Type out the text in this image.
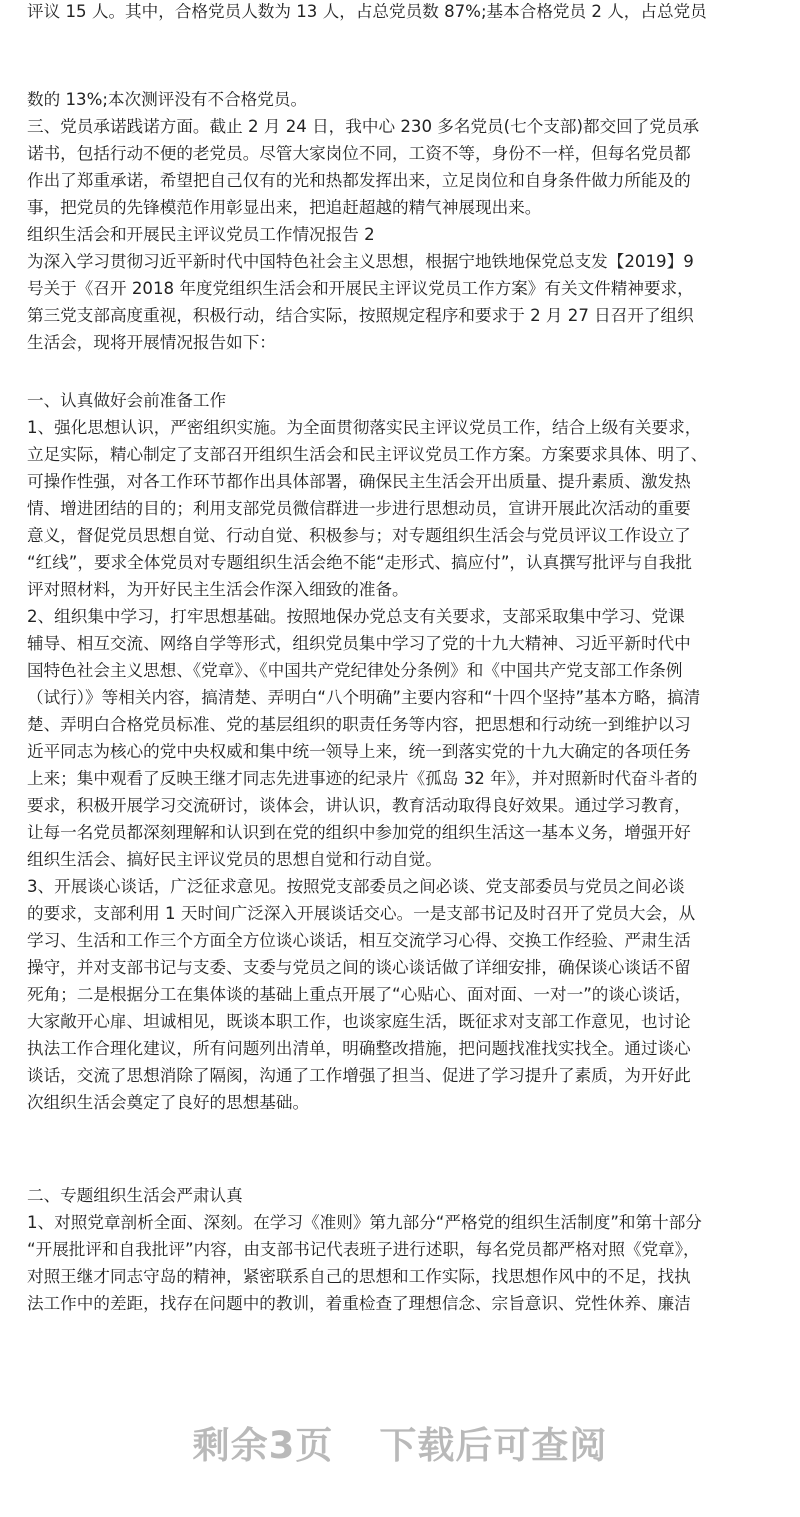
评议 15 人。其中，合格党员人数为 13 人，占总党员数 87%;基本合格党员 2 人，占总党员
数的 13%;本次测评没有不合格党员。
三、党员承诺践诺方面。截止 2 月 24 日，我中心 230 多名党员(七个支部)都交回了党员承
诺书，包括行动不便的老党员。尽管大家岗位不同，工资不等，身份不一样，但每名党员都
作出了郑重承诺，希望把自己仅有的光和热都发挥出来，立足岗位和自身条件做力所能及的
事，把党员的先锋模范作用彰显出来，把追赶超越的精气神展现出来。
组织生活会和开展民主评议党员工作情况报告 2
为深入学习贯彻习近平新时代中国特色社会主义思想，根据宁地铁地保党总支发【2019】9
号关于《召开 2018 年度党组织生活会和开展民主评议党员工作方案》有关文件精神要求，
第三党支部高度重视，积极行动，结合实际，按照规定程序和要求于 2 月 27 日召开了组织
生活会，现将开展情况报告如下：
一、认真做好会前准备工作
1、强化思想认识，严密组织实施。为全面贯彻落实民主评议党员工作，结合上级有关要求，
立足实际，精心制定了支部召开组织生活会和民主评议党员工作方案。方案要求具体、明了、
可操作性强，对各工作环节都作出具体部署，确保民主生活会开出质量、提升素质、激发热
情、增进团结的目的；利用支部党员微信群进一步进行思想动员，宣讲开展此次活动的重要
意义，督促党员思想自觉、行动自觉、积极参与；对专题组织生活会与党员评议工作设立了
“红线”，要求全体党员对专题组织生活会绝不能“走形式、搞应付”，认真撰写批评与自我批
评对照材料，为开好民主生活会作深入细致的准备。
2、组织集中学习，打牢思想基础。按照地保办党总支有关要求，支部采取集中学习、党课
辅导、相互交流、网络自学等形式，组织党员集中学习了党的十九大精神、习近平新时代中
国特色社会主义思想、《党章》、《中国共产党纪律处分条例》和《中国共产党支部工作条例
（试行）》等相关内容，搞清楚、弄明白“八个明确”主要内容和“十四个坚持”基本方略，搞清
楚、弄明白合格党员标准、党的基层组织的职责任务等内容，把思想和行动统一到维护以习
近平同志为核心的党中央权威和集中统一领导上来，统一到落实党的十九大确定的各项任务
上来；集中观看了反映王继才同志先进事迹的纪录片《孤岛 32 年》，并对照新时代奋斗者的
要求，积极开展学习交流研讨，谈体会，讲认识，教育活动取得良好效果。通过学习教育，
让每一名党员都深刻理解和认识到在党的组织中参加党的组织生活这一基本义务，增强开好
组织生活会、搞好民主评议党员的思想自觉和行动自觉。
3、开展谈心谈话，广泛征求意见。按照党支部委员之间必谈、党支部委员与党员之间必谈
的要求，支部利用 1 天时间广泛深入开展谈话交心。一是支部书记及时召开了党员大会，从
学习、生活和工作三个方面全方位谈心谈话，相互交流学习心得、交换工作经验、严肃生活
操守，并对支部书记与支委、支委与党员之间的谈心谈话做了详细安排，确保谈心谈话不留
死角；二是根据分工在集体谈的基础上重点开展了“心贴心、面对面、一对一”的谈心谈话，
大家敞开心扉、坦诚相见，既谈本职工作，也谈家庭生活，既征求对支部工作意见，也讨论
执法工作合理化建议，所有问题列出清单，明确整改措施，把问题找准找实找全。通过谈心
谈话，交流了思想消除了隔阂，沟通了工作增强了担当、促进了学习提升了素质，为开好此
次组织生活会奠定了良好的思想基础。
二、专题组织生活会严肃认真
1、对照党章剖析全面、深刻。在学习《准则》第九部分“严格党的组织生活制度”和第十部分
“开展批评和自我批评”内容，由支部书记代表班子进行述职，每名党员都严格对照《党章》，
对照王继才同志守岛的精神，紧密联系自己的思想和工作实际，找思想作风中的不足，找执
法工作中的差距，找存在问题中的教训，着重检查了理想信念、宗旨意识、党性休养、廉洁
剩余3页 下载后可查阅
